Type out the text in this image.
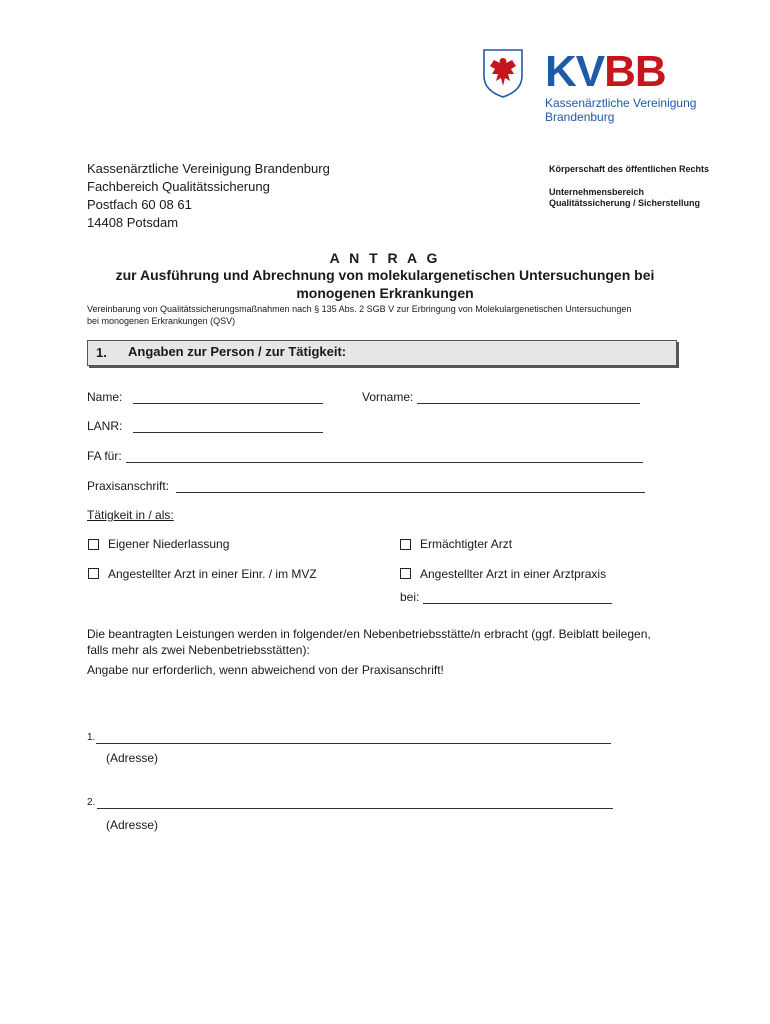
KVBB
Kassenärztliche Vereinigung
Brandenburg
Kassenärztliche Vereinigung Brandenburg
Fachbereich Qualitätssicherung
Postfach 60 08 61
14408 Potsdam
Körperschaft des öffentlichen Rechts
Unternehmensbereich
Qualitätssicherung / Sicherstellung
A N T R A G
zur Ausführung und Abrechnung von molekulargenetischen Untersuchungen bei
monogenen Erkrankungen
Vereinbarung von Qualitätssicherungsmaßnahmen nach § 135 Abs. 2 SGB V zur Erbringung von Molekulargenetischen Untersuchungen
bei monogenen Erkrankungen (QSV)
1. Angaben zur Person / zur Tätigkeit:
Name:	Vorname:
LANR:
FA für:
Praxisanschrift:
Tätigkeit in / als:
Eigener Niederlassung	Ermächtigter Arzt
Angestellter Arzt in einer Einr. / im MVZ	Angestellter Arzt in einer Arztpraxis
bei:
Die beantragten Leistungen werden in folgender/en Nebenbetriebsstätte/n erbracht (ggf. Beiblatt beilegen,
falls mehr als zwei Nebenbetriebsstätten):
Angabe nur erforderlich, wenn abweichend von der Praxisanschrift!
1.
(Adresse)
2.
(Adresse)
